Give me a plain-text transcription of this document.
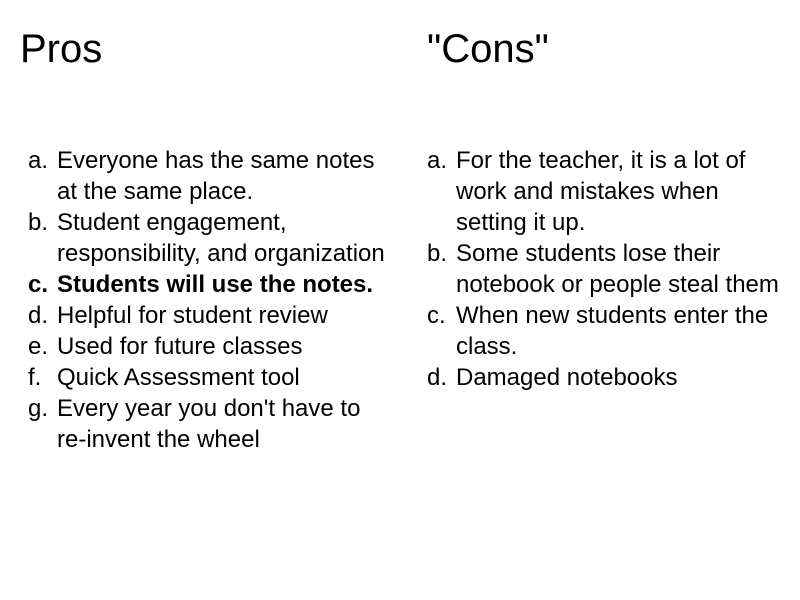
Pros	"Cons"
a. Everyone has the same notes at the same place.
b. Student engagement, responsibility, and organization
c. Students will use the notes.
d. Helpful for student review
e. Used for future classes
f. Quick Assessment tool
g. Every year you don't have to re-invent the wheel
a. For the teacher, it is a lot of work and mistakes when setting it up.
b. Some students lose their notebook or people steal them
c. When new students enter the class.
d. Damaged notebooks
